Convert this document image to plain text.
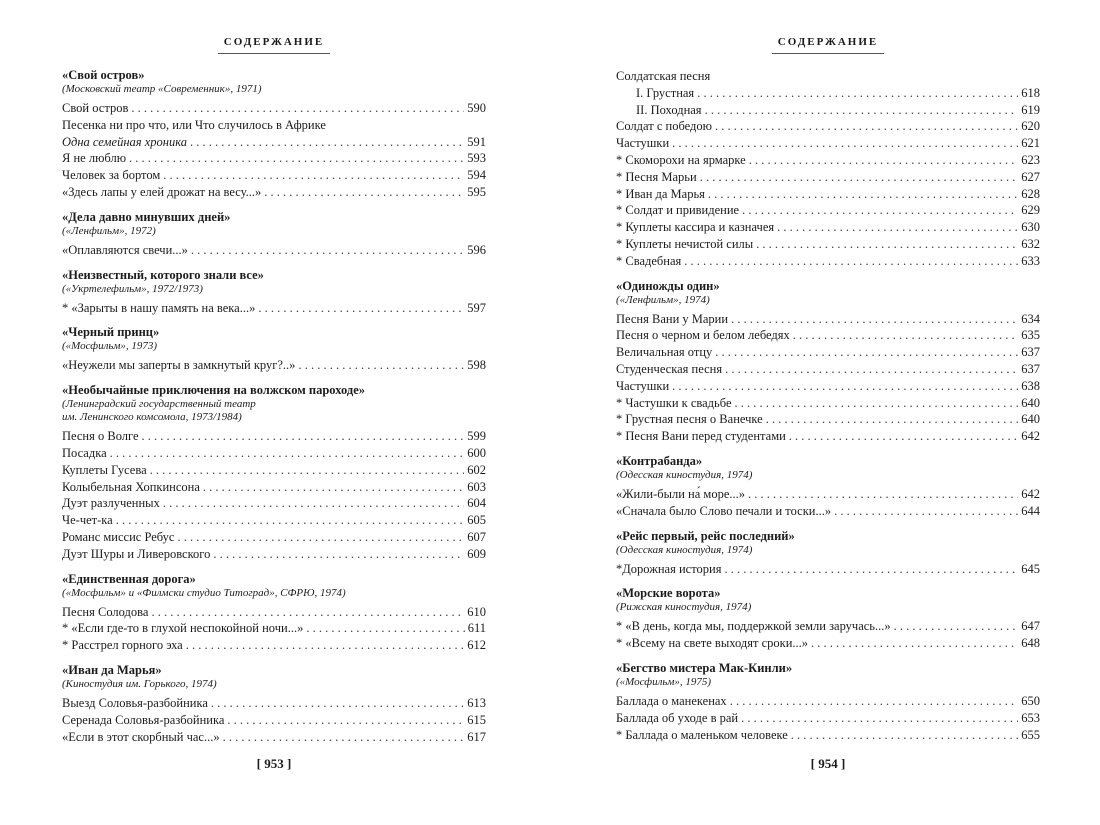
СОДЕРЖАНИЕ
«Свой остров»
(Московский театр «Современник», 1971)
Свой остров . . .	590
Песенка ни про что, или Что случилось в Африке
Одна семейная хроника . . .	591
Я не люблю . . .	593
Человек за бортом . . .	594
«Здесь лапы у елей дрожат на весу...» . . .	595
«Дела давно минувших дней»
(«Ленфильм», 1972)
«Оплавляются свечи...» . . .	596
«Неизвестный, которого знали все»
(«Укртелефильм», 1972/1973)
* «Зарыты в нашу память на века...» . . .	597
«Черный принц»
(«Мосфильм», 1973)
«Неужели мы заперты в замкнутый круг?..» . . .	598
«Необычайные приключения на волжском пароходе»
(Ленинградский государственный театр
им. Ленинского комсомола, 1973/1984)
Песня о Волге . . .	599
Посадка . . .	600
Куплеты Гусева . . .	602
Колыбельная Хопкинсона . . .	603
Дуэт разлученных . . .	604
Че-чет-ка . . .	605
Романс миссис Ребус . . .	607
Дуэт Шуры и Ливеровского . . .	609
«Единственная дорога»
(«Мосфильм» и «Филмски студио Титоград», СФРЮ, 1974)
Песня Солодова . . .	610
* «Если где-то в глухой неспокойной ночи...» . . .	611
* Расстрел горного эха . . .	612
«Иван да Марья»
(Киностудия им. Горького, 1974)
Выезд Соловья-разбойника . . .	613
Серенада Соловья-разбойника . . .	615
«Если в этот скорбный час...» . . .	617
[ 953 ]
СОДЕРЖАНИЕ
Солдатская песня
I. Грустная . . .	618
II. Походная . . .	619
Солдат с победою . . .	620
Частушки . . .	621
* Скоморохи на ярмарке . . .	623
* Песня Марьи . . .	627
* Иван да Марья . . .	628
* Солдат и привидение . . .	629
* Куплеты кассира и казначея . . .	630
* Куплеты нечистой силы . . .	632
* Свадебная . . .	633
«Одиножды один»
(«Ленфильм», 1974)
Песня Вани у Марии . . .	634
Песня о черном и белом лебедях . . .	635
Величальная отцу . . .	637
Студенческая песня . . .	637
Частушки . . .	638
* Частушки к свадьбе . . .	640
* Грустная песня о Ванечке . . .	640
* Песня Вани перед студентами . . .	642
«Контрабанда»
(Одесская киностудия, 1974)
«Жили-были на́ море...» . . .	642
«Сначала было Слово печали и тоски...» . . .	644
«Рейс первый, рейс последний»
(Одесская киностудия, 1974)
*Дорожная история . . .	645
«Морские ворота»
(Рижская киностудия, 1974)
* «В день, когда мы, поддержкой земли заручась...» . . .	647
* «Всему на свете выходят сроки...» . . .	648
«Бегство мистера Мак-Кинли»
(«Мосфильм», 1975)
Баллада о манекенах . . .	650
Баллада об уходе в рай . . .	653
* Баллада о маленьком человеке . . .	655
[ 954 ]
